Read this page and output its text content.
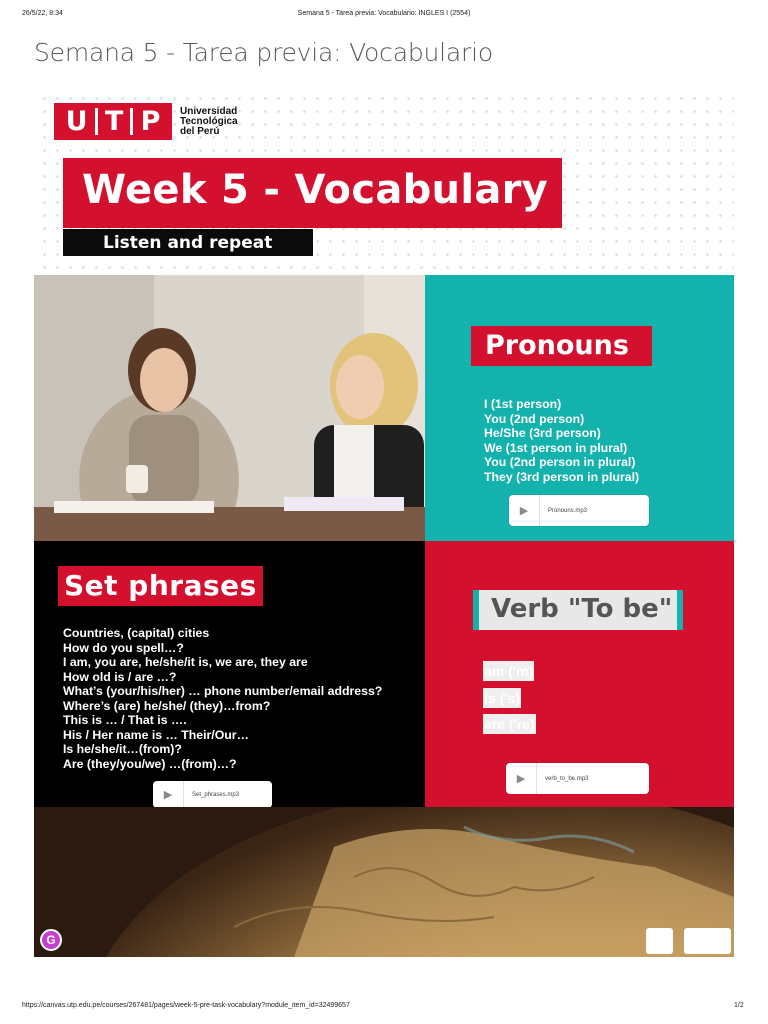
26/5/22, 8:34	Semana 5 - Tarea previa: Vocabulario: INGLES I (2554)
Semana 5 - Tarea previa: Vocabulario
U T P Universidad
Tecnológica
del Perú
Week 5 - Vocabulary
Listen and repeat
Pronouns
I (1st person)
You (2nd person)
He/She (3rd person)
We (1st person in plural)
You (2nd person in plural)
They (3rd person in plural)
▶	Pronouns.mp3
Set phrases
Countries, (capital) cities
How do you spell…?
I am, you are, he/she/it is, we are, they are
How old is / are …?
What’s (your/his/her) … phone number/email address?
Where’s (are) he/she/ (they)…from?
This is … / That is ….
His / Her name is … Their/Our…
Is he/she/it…(from)?
Are (they/you/we) …(from)…?
▶	Set_phrases.mp3
Verb "To be"
am ('m)
is ('s)
are ('re)
▶	verb_to_be.mp3
G
https://canvas.utp.edu.pe/courses/267481/pages/week-5-pre-task-vocabulary?module_item_id=32499657	1/2
